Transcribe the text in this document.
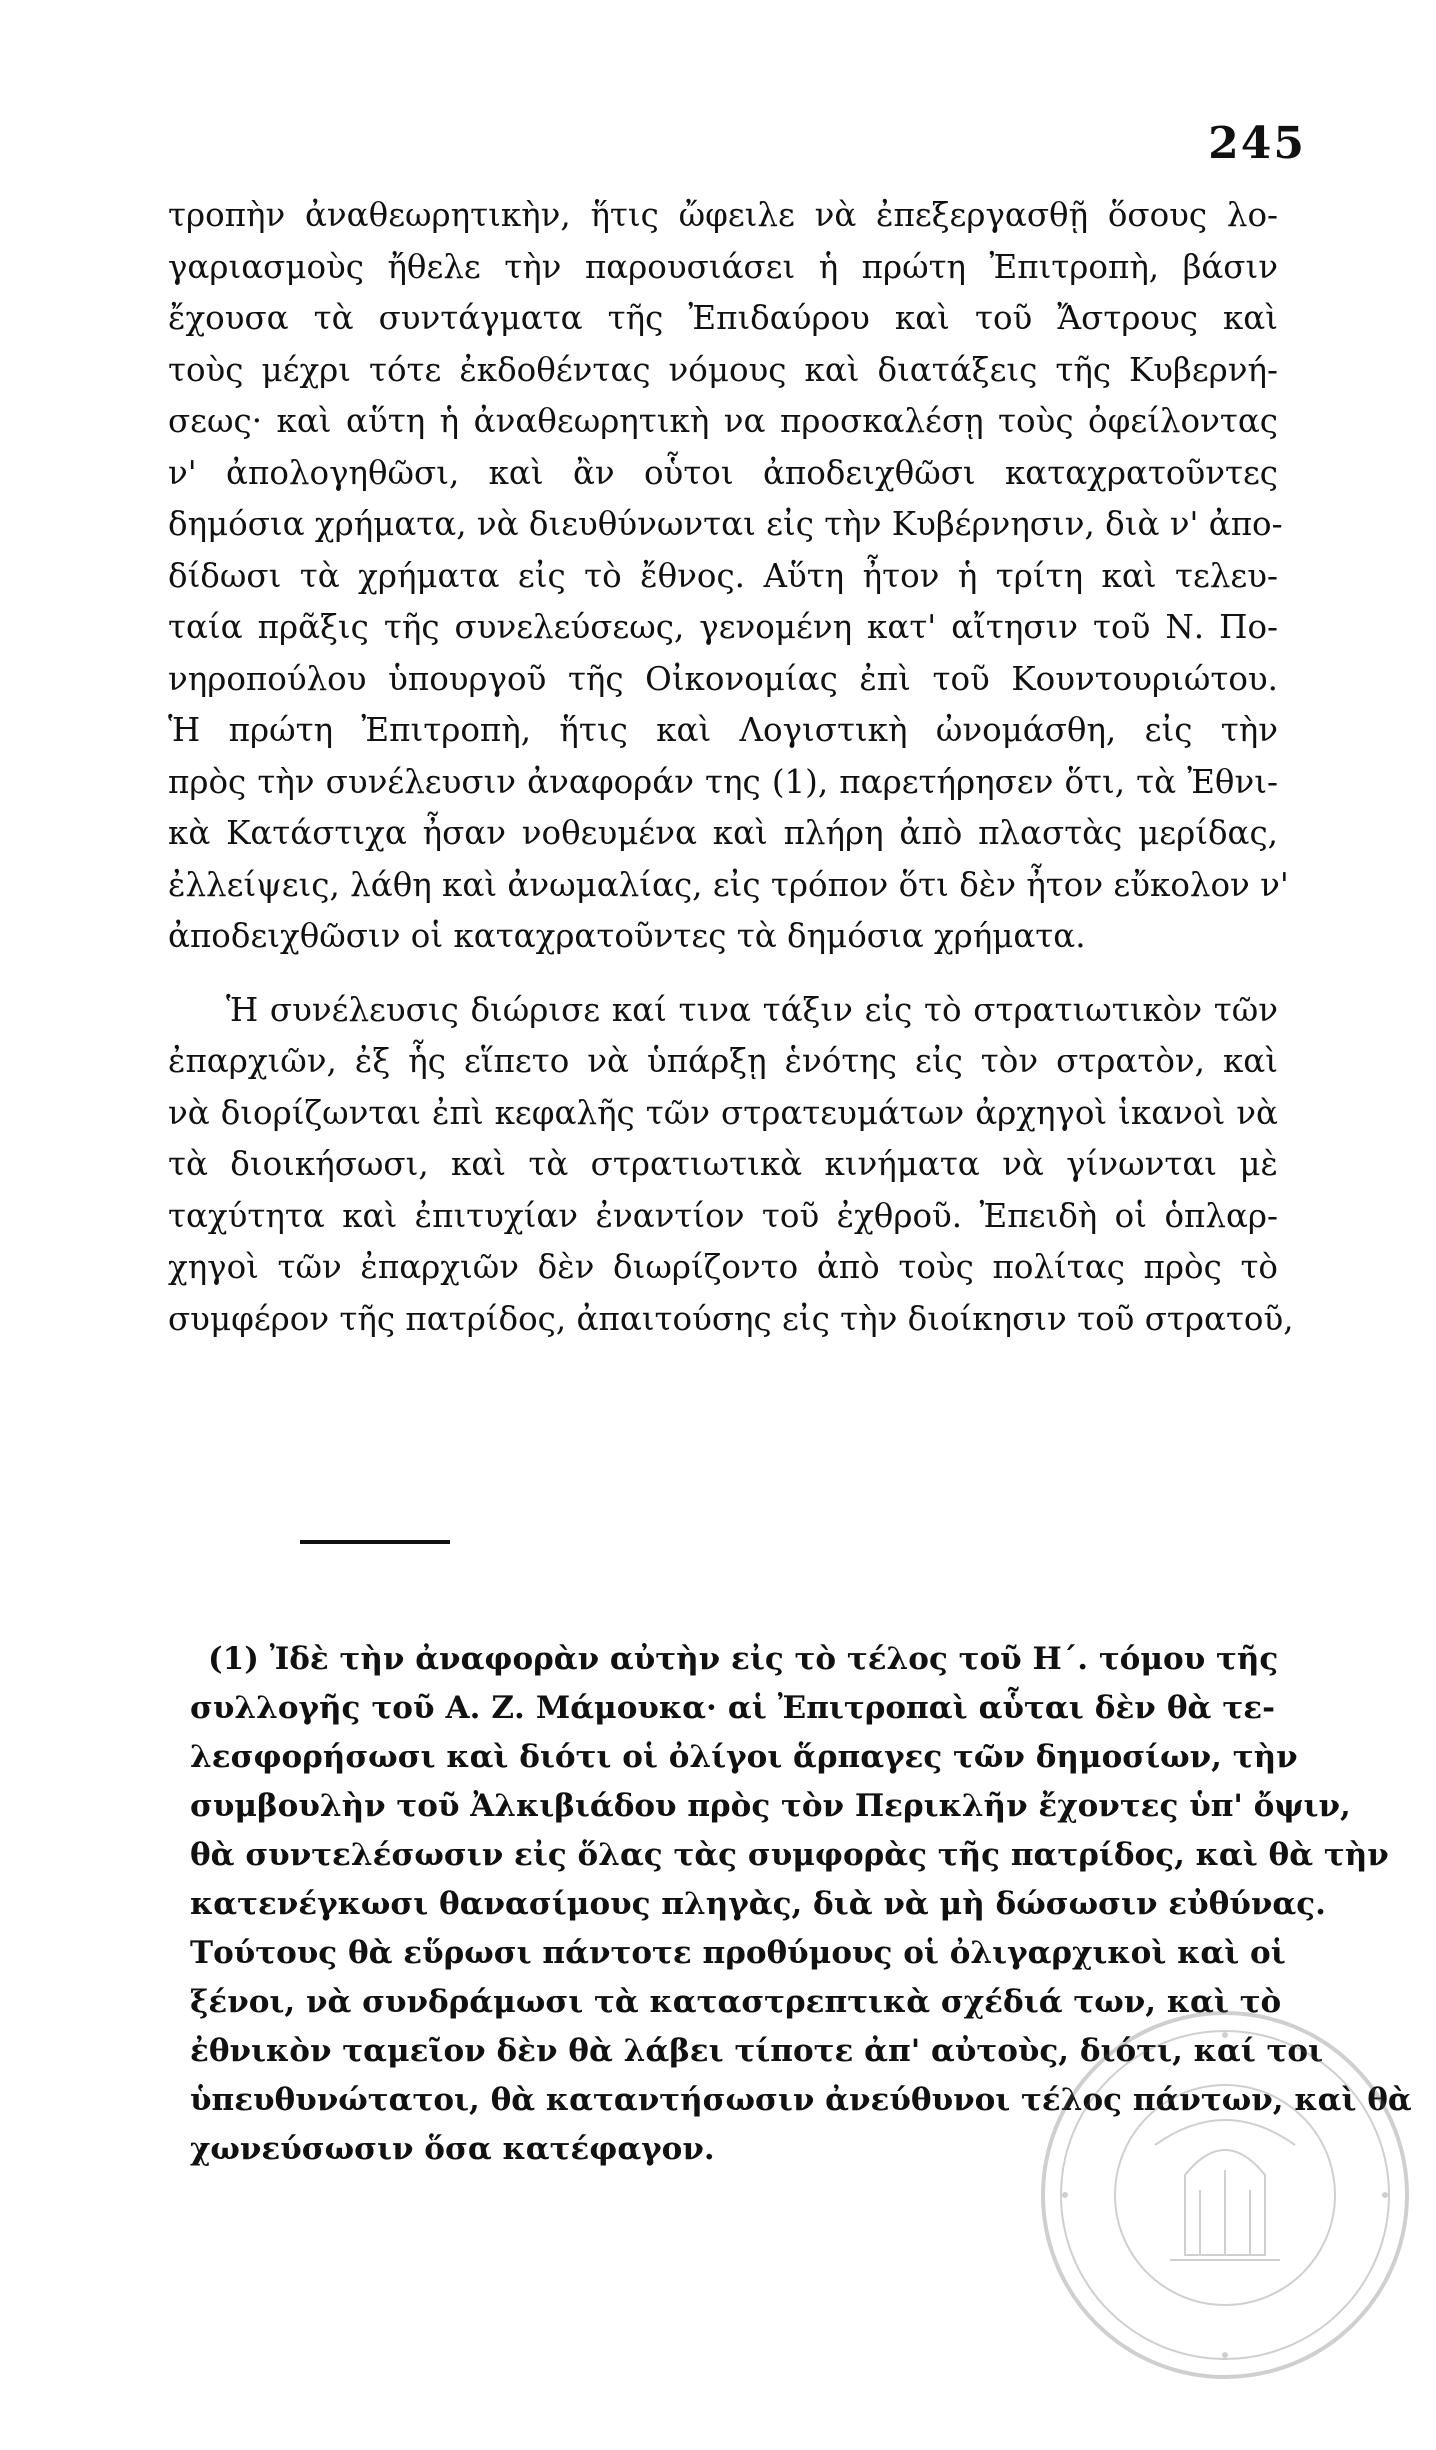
245

τροπὴν ἀναθεωρητικὴν, ἥτις ὤφειλε νὰ ἐπεξεργασθῇ ὅσους λο-
γαριασμοὺς ἤθελε τὴν παρουσιάσει ἡ πρώτη Ἐπιτροπὴ, βάσιν
ἔχουσα τὰ συντάγματα τῆς Ἐπιδαύρου καὶ τοῦ Ἄστρους καὶ
τοὺς μέχρι τότε ἐκδοθέντας νόμους καὶ διατάξεις τῆς Κυβερνή-
σεως· καὶ αὕτη ἡ ἀναθεωρητικὴ να προσκαλέσῃ τοὺς ὀφείλοντας
ν' ἀπολογηθῶσι, καὶ ἂν οὗτοι ἀποδειχθῶσι καταχρατοῦντες
δημόσια χρήματα, νὰ διευθύνωνται εἰς τὴν Κυβέρνησιν, διὰ ν' ἀπο-
δίδωσι τὰ χρήματα εἰς τὸ ἔθνος. Αὕτη ἦτον ἡ τρίτη καὶ τελευ-
ταία πρᾶξις τῆς συνελεύσεως, γενομένη κατ' αἴτησιν τοῦ Ν. Πο-
νηροπούλου ὑπουργοῦ τῆς Οἰκονομίας ἐπὶ τοῦ Κουντουριώτου.
Ἡ πρώτη Ἐπιτροπὴ, ἥτις καὶ Λογιστικὴ ὠνομάσθη, εἰς τὴν
πρὸς τὴν συνέλευσιν ἀναφοράν της (1), παρετήρησεν ὅτι, τὰ Ἐθνι-
κὰ Κατάστιχα ἦσαν νοθευμένα καὶ πλήρη ἀπὸ πλαστὰς μερίδας,
ἐλλείψεις, λάθη καὶ ἀνωμαλίας, εἰς τρόπον ὅτι δὲν ἦτον εὔκολον ν'
ἀποδειχθῶσιν οἱ καταχρατοῦντες τὰ δημόσια χρήματα.

Ἡ συνέλευσις διώρισε καί τινα τάξιν εἰς τὸ στρατιωτικὸν τῶν
ἐπαρχιῶν, ἐξ ἧς εἵπετο νὰ ὑπάρξῃ ἑνότης εἰς τὸν στρατὸν, καὶ
νὰ διορίζωνται ἐπὶ κεφαλῆς τῶν στρατευμάτων ἀρχηγοὶ ἱκανοὶ νὰ
τὰ διοικήσωσι, καὶ τὰ στρατιωτικὰ κινήματα νὰ γίνωνται μὲ
ταχύτητα καὶ ἐπιτυχίαν ἐναντίον τοῦ ἐχθροῦ. Ἐπειδὴ οἱ ὁπλαρ-
χηγοὶ τῶν ἐπαρχιῶν δὲν διωρίζοντο ἀπὸ τοὺς πολίτας πρὸς τὸ
συμφέρον τῆς πατρίδος, ἀπαιτούσης εἰς τὴν διοίκησιν τοῦ στρατοῦ,

(1) Ἰδὲ τὴν ἀναφορὰν αὐτὴν εἰς τὸ τέλος τοῦ Η΄. τόμου τῆς
συλλογῆς τοῦ Α. Ζ. Μάμουκα· αἱ Ἐπιτροπαὶ αὗται δὲν θὰ τε-
λεσφορήσωσι καὶ διότι οἱ ὀλίγοι ἅρπαγες τῶν δημοσίων, τὴν
συμβουλὴν τοῦ Ἀλκιβιάδου πρὸς τὸν Περικλῆν ἔχοντες ὑπ' ὄψιν,
θὰ συντελέσωσιν εἰς ὅλας τὰς συμφορὰς τῆς πατρίδος, καὶ θὰ τὴν
κατενέγκωσι θανασίμους πληγὰς, διὰ νὰ μὴ δώσωσιν εὐθύνας.
Τούτους θὰ εὕρωσι πάντοτε προθύμους οἱ ὀλιγαρχικοὶ καὶ οἱ
ξένοι, νὰ συνδράμωσι τὰ καταστρεπτικὰ σχέδιά των, καὶ τὸ
ἐθνικὸν ταμεῖον δὲν θὰ λάβει τίποτε ἀπ' αὐτοὺς, διότι, καί τοι
ὑπευθυνώτατοι, θὰ καταντήσωσιν ἀνεύθυνοι τέλος πάντων, καὶ θὰ
χωνεύσωσιν ὅσα κατέφαγον.
